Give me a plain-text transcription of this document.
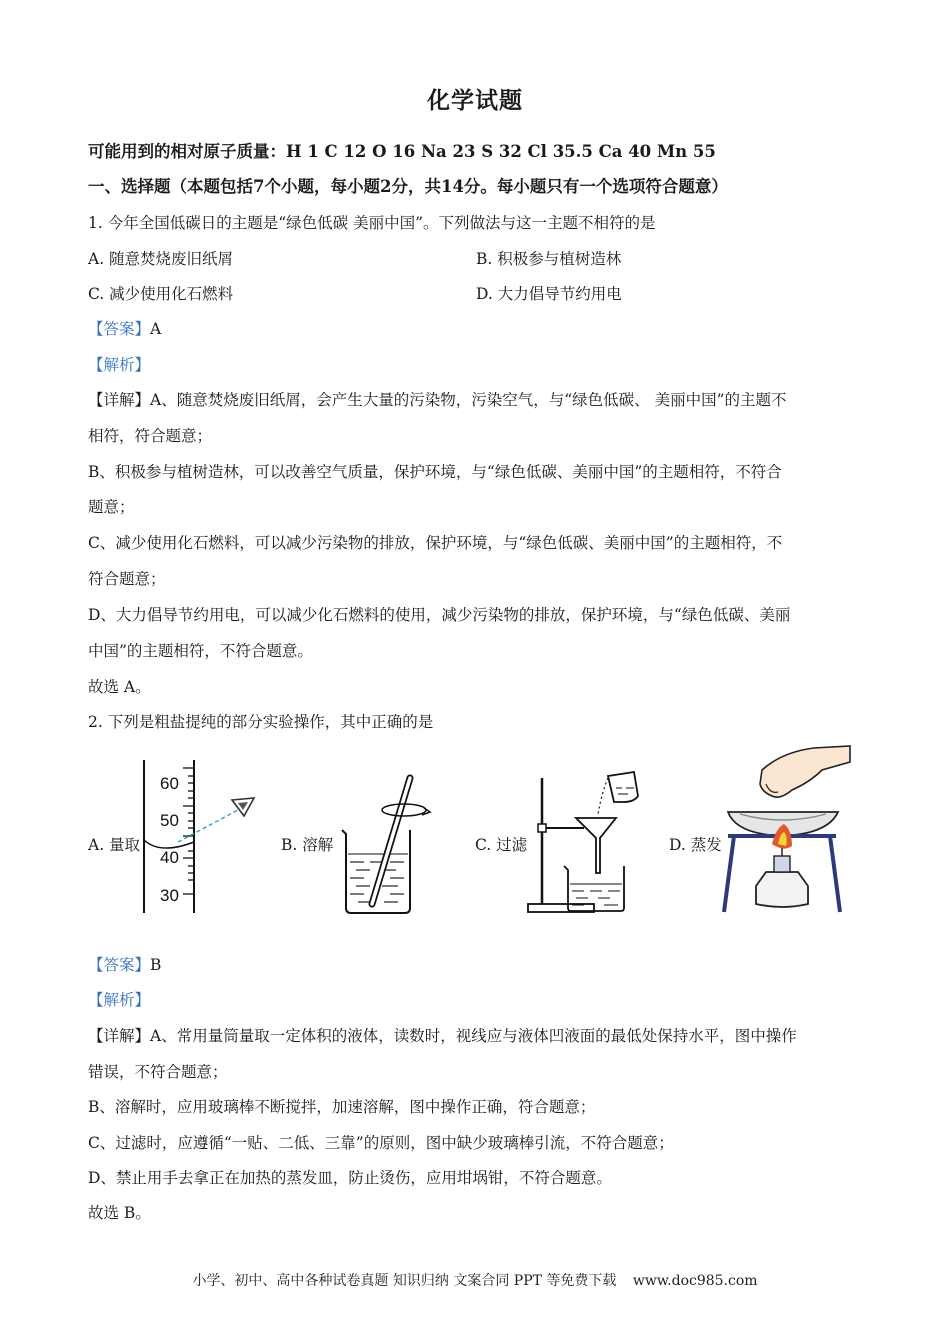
化学试题
可能用到的相对原子质量：H 1 C 12 O 16 Na 23 S 32 Cl 35.5 Ca 40 Mn 55
一、选择题（本题包括7个小题，每小题2分，共14分。每小题只有一个选项符合题意）
1. 今年全国低碳日的主题是“绿色低碳 美丽中国”。下列做法与这一主题不相符的是
A. 随意焚烧废旧纸屑	B. 积极参与植树造林
C. 减少使用化石燃料	D. 大力倡导节约用电
【答案】A
【解析】
【详解】A、随意焚烧废旧纸屑，会产生大量的污染物，污染空气，与“绿色低碳、 美丽中国”的主题不
相符，符合题意；
B、积极参与植树造林，可以改善空气质量，保护环境，与“绿色低碳、美丽中国”的主题相符，不符合
题意；
C、减少使用化石燃料，可以减少污染物的排放，保护环境，与“绿色低碳、美丽中国”的主题相符，不
符合题意；
D、大力倡导节约用电，可以减少化石燃料的使用，减少污染物的排放，保护环境，与“绿色低碳、美丽
中国”的主题相符，不符合题意。
故选 A。
2. 下列是粗盐提纯的部分实验操作，其中正确的是
A. 量取
60
50
40
30
B. 溶解	C. 过滤	D. 蒸发
【答案】B
【解析】
【详解】A、常用量筒量取一定体积的液体，读数时，视线应与液体凹液面的最低处保持水平，图中操作
错误，不符合题意；
B、溶解时，应用玻璃棒不断搅拌，加速溶解，图中操作正确，符合题意；
C、过滤时，应遵循“一贴、二低、三靠”的原则，图中缺少玻璃棒引流，不符合题意；
D、禁止用手去拿正在加热的蒸发皿，防止烫伤，应用坩埚钳，不符合题意。
故选 B。
小学、初中、高中各种试卷真题 知识归纳 文案合同 PPT 等免费下载 www.doc985.com
